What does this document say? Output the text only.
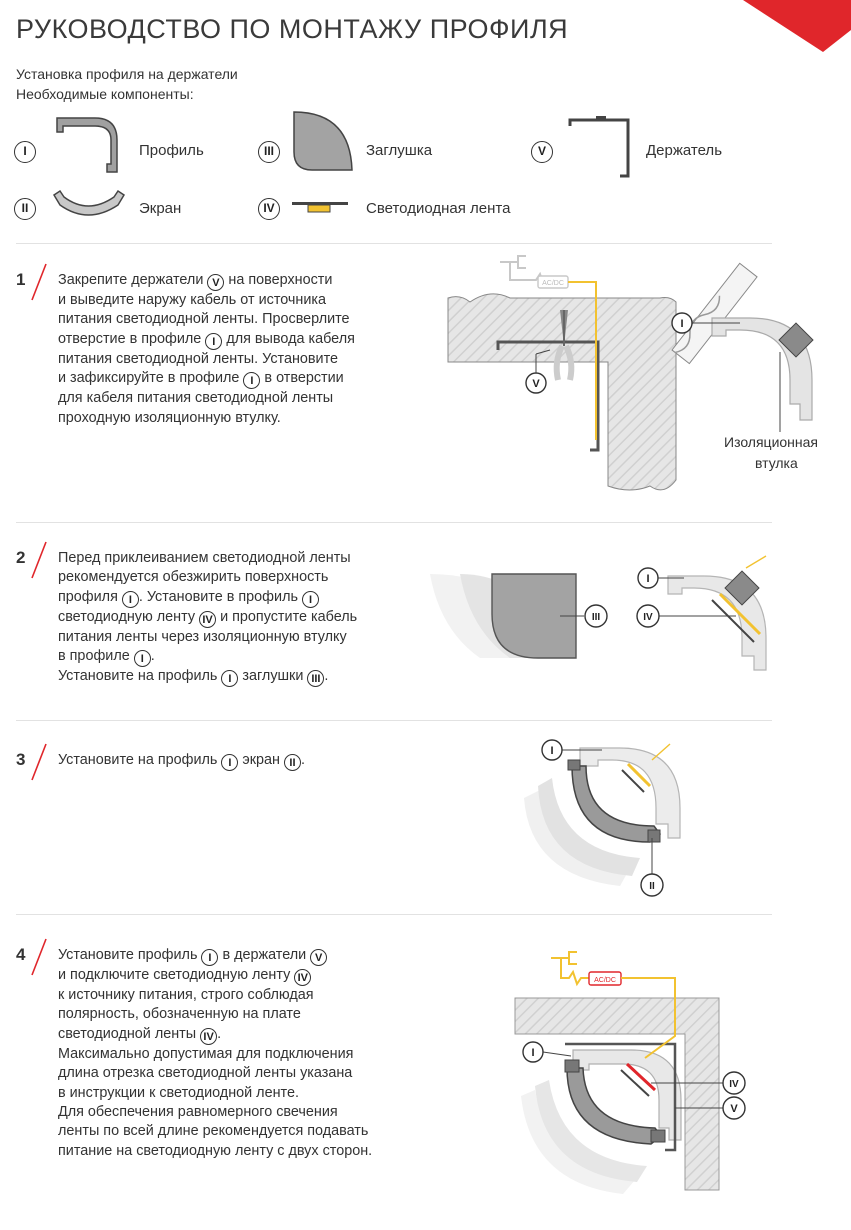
РУКОВОДСТВО ПО МОНТАЖУ ПРОФИЛЯ
Установка профиля на держатели
Необходимые компоненты:
I	Профиль
II	Экран
III	Заглушка
IV	Светодиодная лента
V	Держатель
1 Закрепите держатели V на поверхности
и выведите наружу кабель от источника
питания светодиодной ленты. Просверлите
отверстие в профиле I для вывода кабеля
питания светодиодной ленты. Установите
и зафиксируйте в профиле I в отверстии
для кабеля питания светодиодной ленты
проходную изоляционную втулку.
AC/DC
V
I
Изоляционная
втулка
2 Перед приклеиванием светодиодной ленты
рекомендуется обезжирить поверхность
профиля I . Установите в профиль I
светодиодную ленту IV и пропустите кабель
питания ленты через изоляционную втулку
в профиле I .
Установите на профиль I заглушки III .
III
I
IV
3 Установите на профиль I экран II .
I
II
4 Установите профиль I в держатели V
и подключите светодиодную ленту IV
к источнику питания, строго соблюдая
полярность, обозначенную на плате
светодиодной ленты IV .
Максимально допустимая для подключения
длина отрезка светодиодной ленты указана
в инструкции к светодиодной ленте.
Для обеспечения равномерного свечения
ленты по всей длине рекомендуется подавать
питание на светодиодную ленту с двух сторон.
AC/DC
I
IV
V
